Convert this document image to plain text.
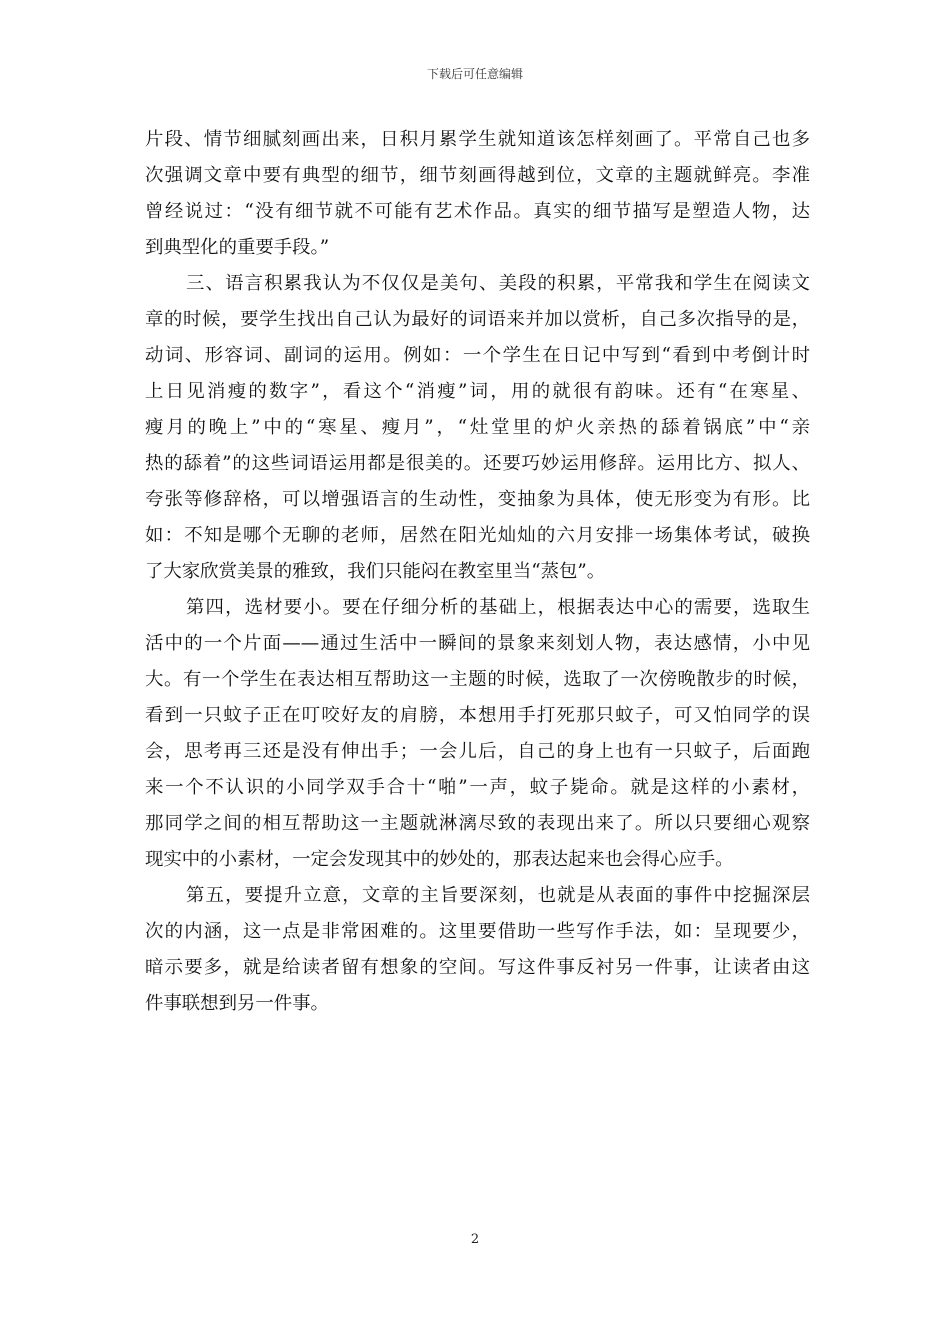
下载后可任意编辑
片段、情节细腻刻画出来，日积月累学生就知道该怎样刻画了。平常自己也多
次强调文章中要有典型的细节，细节刻画得越到位，文章的主题就鲜亮。李准
曾经说过：“没有细节就不可能有艺术作品。真实的细节描写是塑造人物，达
到典型化的重要手段。”
三、语言积累我认为不仅仅是美句、美段的积累，平常我和学生在阅读文
章的时候，要学生找出自己认为最好的词语来并加以赏析，自己多次指导的是，
动词、形容词、副词的运用。例如：一个学生在日记中写到“看到中考倒计时
上日见消瘦的数字”，看这个“消瘦”词，用的就很有韵味。还有“在寒星、
瘦月的晚上”中的“寒星、瘦月”，“灶堂里的炉火亲热的舔着锅底”中“亲
热的舔着”的这些词语运用都是很美的。还要巧妙运用修辞。运用比方、拟人、
夸张等修辞格，可以增强语言的生动性，变抽象为具体，使无形变为有形。比
如：不知是哪个无聊的老师，居然在阳光灿灿的六月安排一场集体考试，破换
了大家欣赏美景的雅致，我们只能闷在教室里当“蒸包”。
第四，选材要小。要在仔细分析的基础上，根据表达中心的需要，选取生
活中的一个片面——通过生活中一瞬间的景象来刻划人物，表达感情，小中见
大。有一个学生在表达相互帮助这一主题的时候，选取了一次傍晚散步的时候，
看到一只蚊子正在叮咬好友的肩膀，本想用手打死那只蚊子，可又怕同学的误
会，思考再三还是没有伸出手；一会儿后，自己的身上也有一只蚊子，后面跑
来一个不认识的小同学双手合十“啪”一声，蚊子毙命。就是这样的小素材，
那同学之间的相互帮助这一主题就淋漓尽致的表现出来了。所以只要细心观察
现实中的小素材，一定会发现其中的妙处的，那表达起来也会得心应手。
第五，要提升立意，文章的主旨要深刻，也就是从表面的事件中挖掘深层
次的内涵，这一点是非常困难的。这里要借助一些写作手法，如：呈现要少，
暗示要多，就是给读者留有想象的空间。写这件事反衬另一件事，让读者由这
件事联想到另一件事。
2
